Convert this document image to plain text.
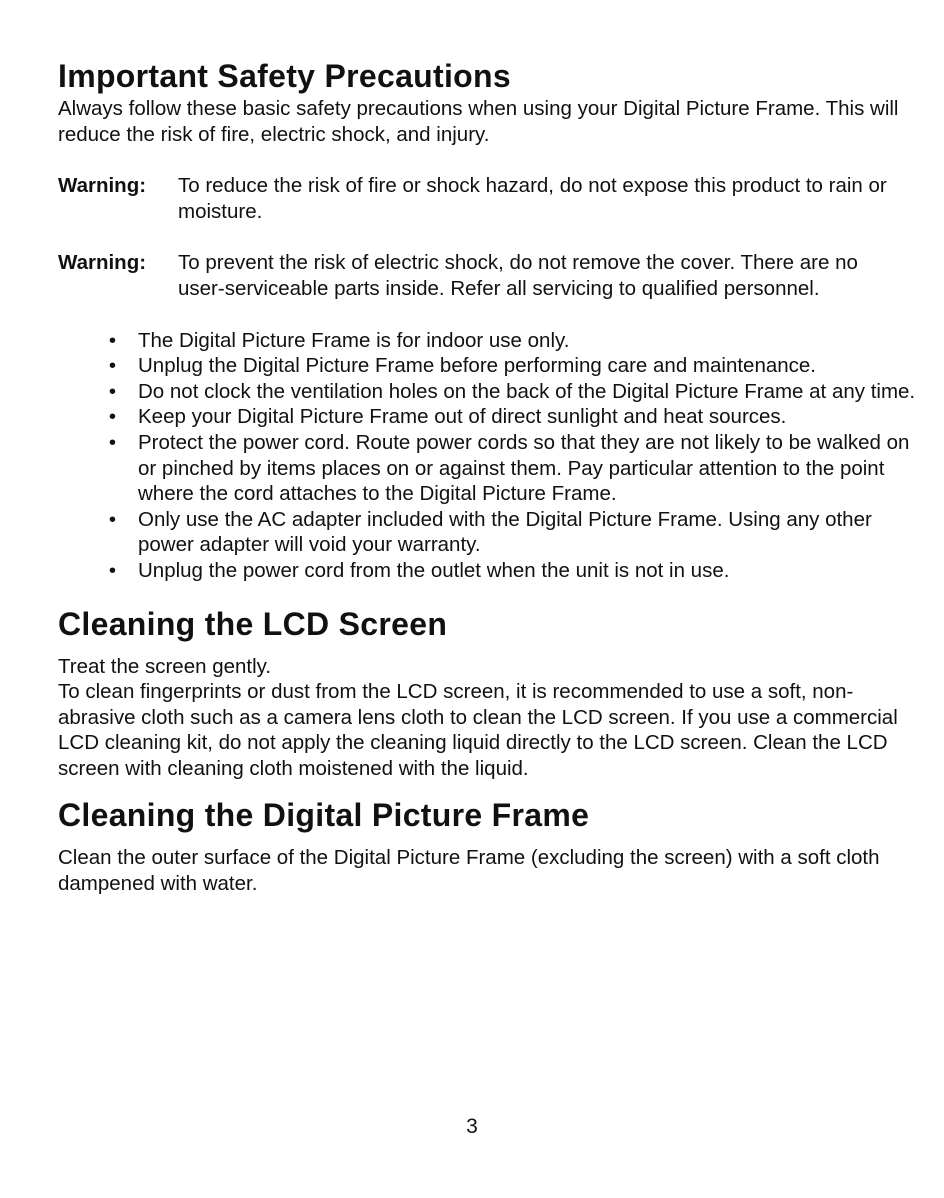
Important Safety Precautions

Always follow these basic safety precautions when using your Digital Picture Frame. This will reduce the risk of fire, electric shock, and injury.

Warning:	To reduce the risk of fire or shock hazard, do not expose this product to rain or moisture.
Warning:	To prevent the risk of electric shock, do not remove the cover. There are no user-serviceable parts inside. Refer all servicing to qualified personnel.
•	The Digital Picture Frame is for indoor use only.
•	Unplug the Digital Picture Frame before performing care and maintenance.
•	Do not clock the ventilation holes on the back of the Digital Picture Frame at any time.
•	Keep your Digital Picture Frame out of direct sunlight and heat sources.
•	Protect the power cord. Route power cords so that they are not likely to be walked on or pinched by items places on or against them. Pay particular attention to the point where the cord attaches to the Digital Picture Frame.
•	Only use the AC adapter included with the Digital Picture Frame. Using any other power adapter will void your warranty.
•	Unplug the power cord from the outlet when the unit is not in use.
Cleaning the LCD Screen

Treat the screen gently.

To clean fingerprints or dust from the LCD screen, it is recommended to use a soft, non-abrasive cloth such as a camera lens cloth to clean the LCD screen. If you use a commercial LCD cleaning kit, do not apply the cleaning liquid directly to the LCD screen. Clean the LCD screen with cleaning cloth moistened with the liquid.

Cleaning the Digital Picture Frame

Clean the outer surface of the Digital Picture Frame (excluding the screen) with a soft cloth dampened with water.

3
